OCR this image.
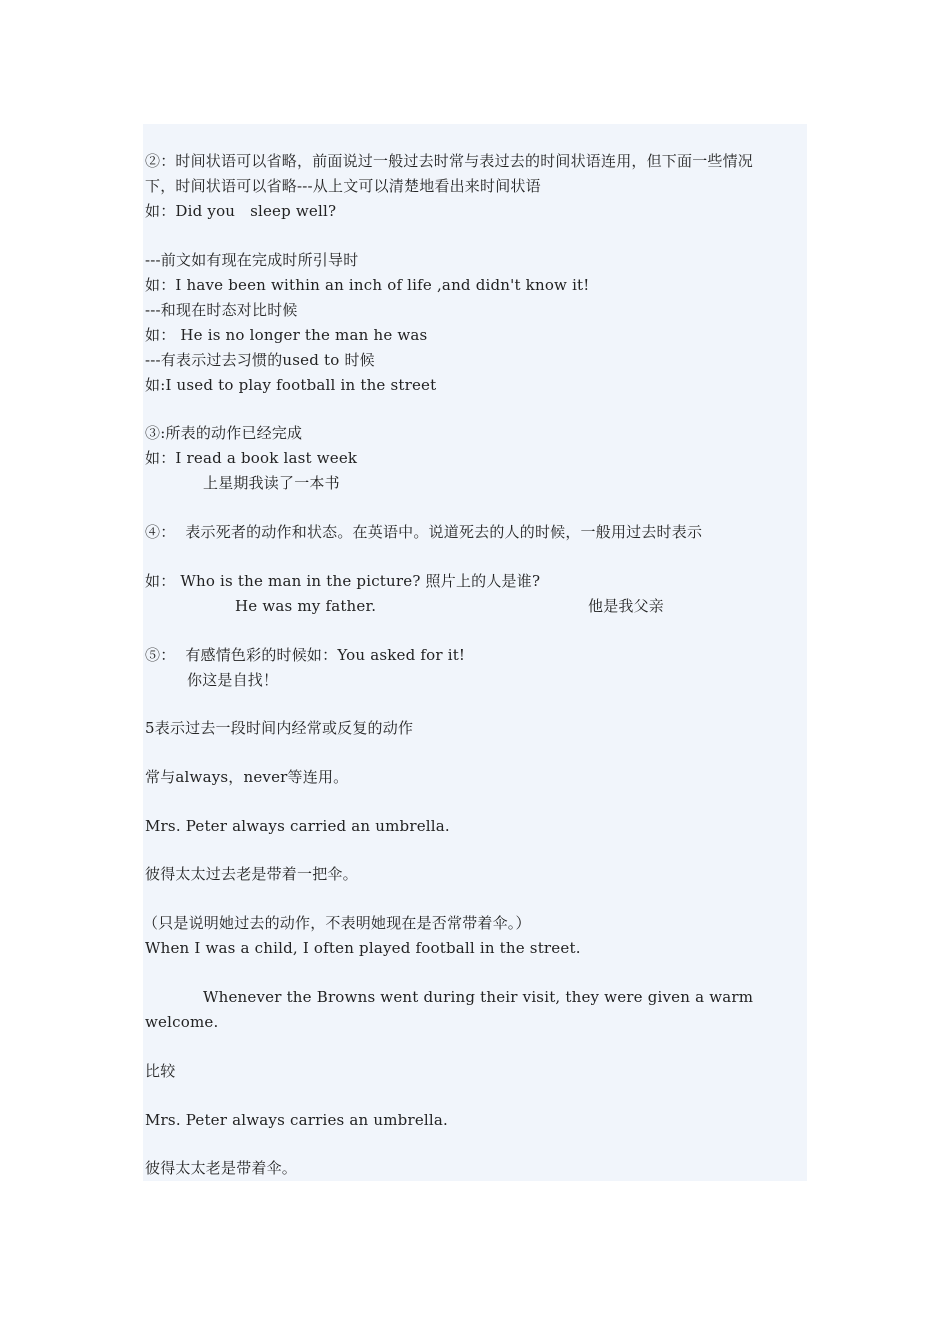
②：时间状语可以省略，前面说过一般过去时常与表过去的时间状语连用，但下面一些情况
下，时间状语可以省略---从上文可以清楚地看出来时间状语
如：Did you   sleep well?
---前文如有现在完成时所引导时
如：I have been within an inch of life ,and didn't know it!
---和现在时态对比时候
如： He is no longer the man he was
---有表示过去习惯的used to 时候
如:I used to play football in the street
③:所表的动作已经完成
如：I read a book last week
上星期我读了一本书
④：  表示死者的动作和状态。在英语中。说道死去的人的时候，一般用过去时表示
如： Who is the man in the picture? 照片上的人是谁?
He was my father.	他是我父亲
⑤：  有感情色彩的时候如：You asked for it!
你这是自找！
5表示过去一段时间内经常或反复的动作
常与always，never等连用。
Mrs. Peter always carried an umbrella.
彼得太太过去老是带着一把伞。
（只是说明她过去的动作，不表明她现在是否常带着伞。）
When I was a child, I often played football in the street.
Whenever the Browns went during their visit, they were given a warm
welcome.
比较
Mrs. Peter always carries an umbrella.
彼得太太老是带着伞。
